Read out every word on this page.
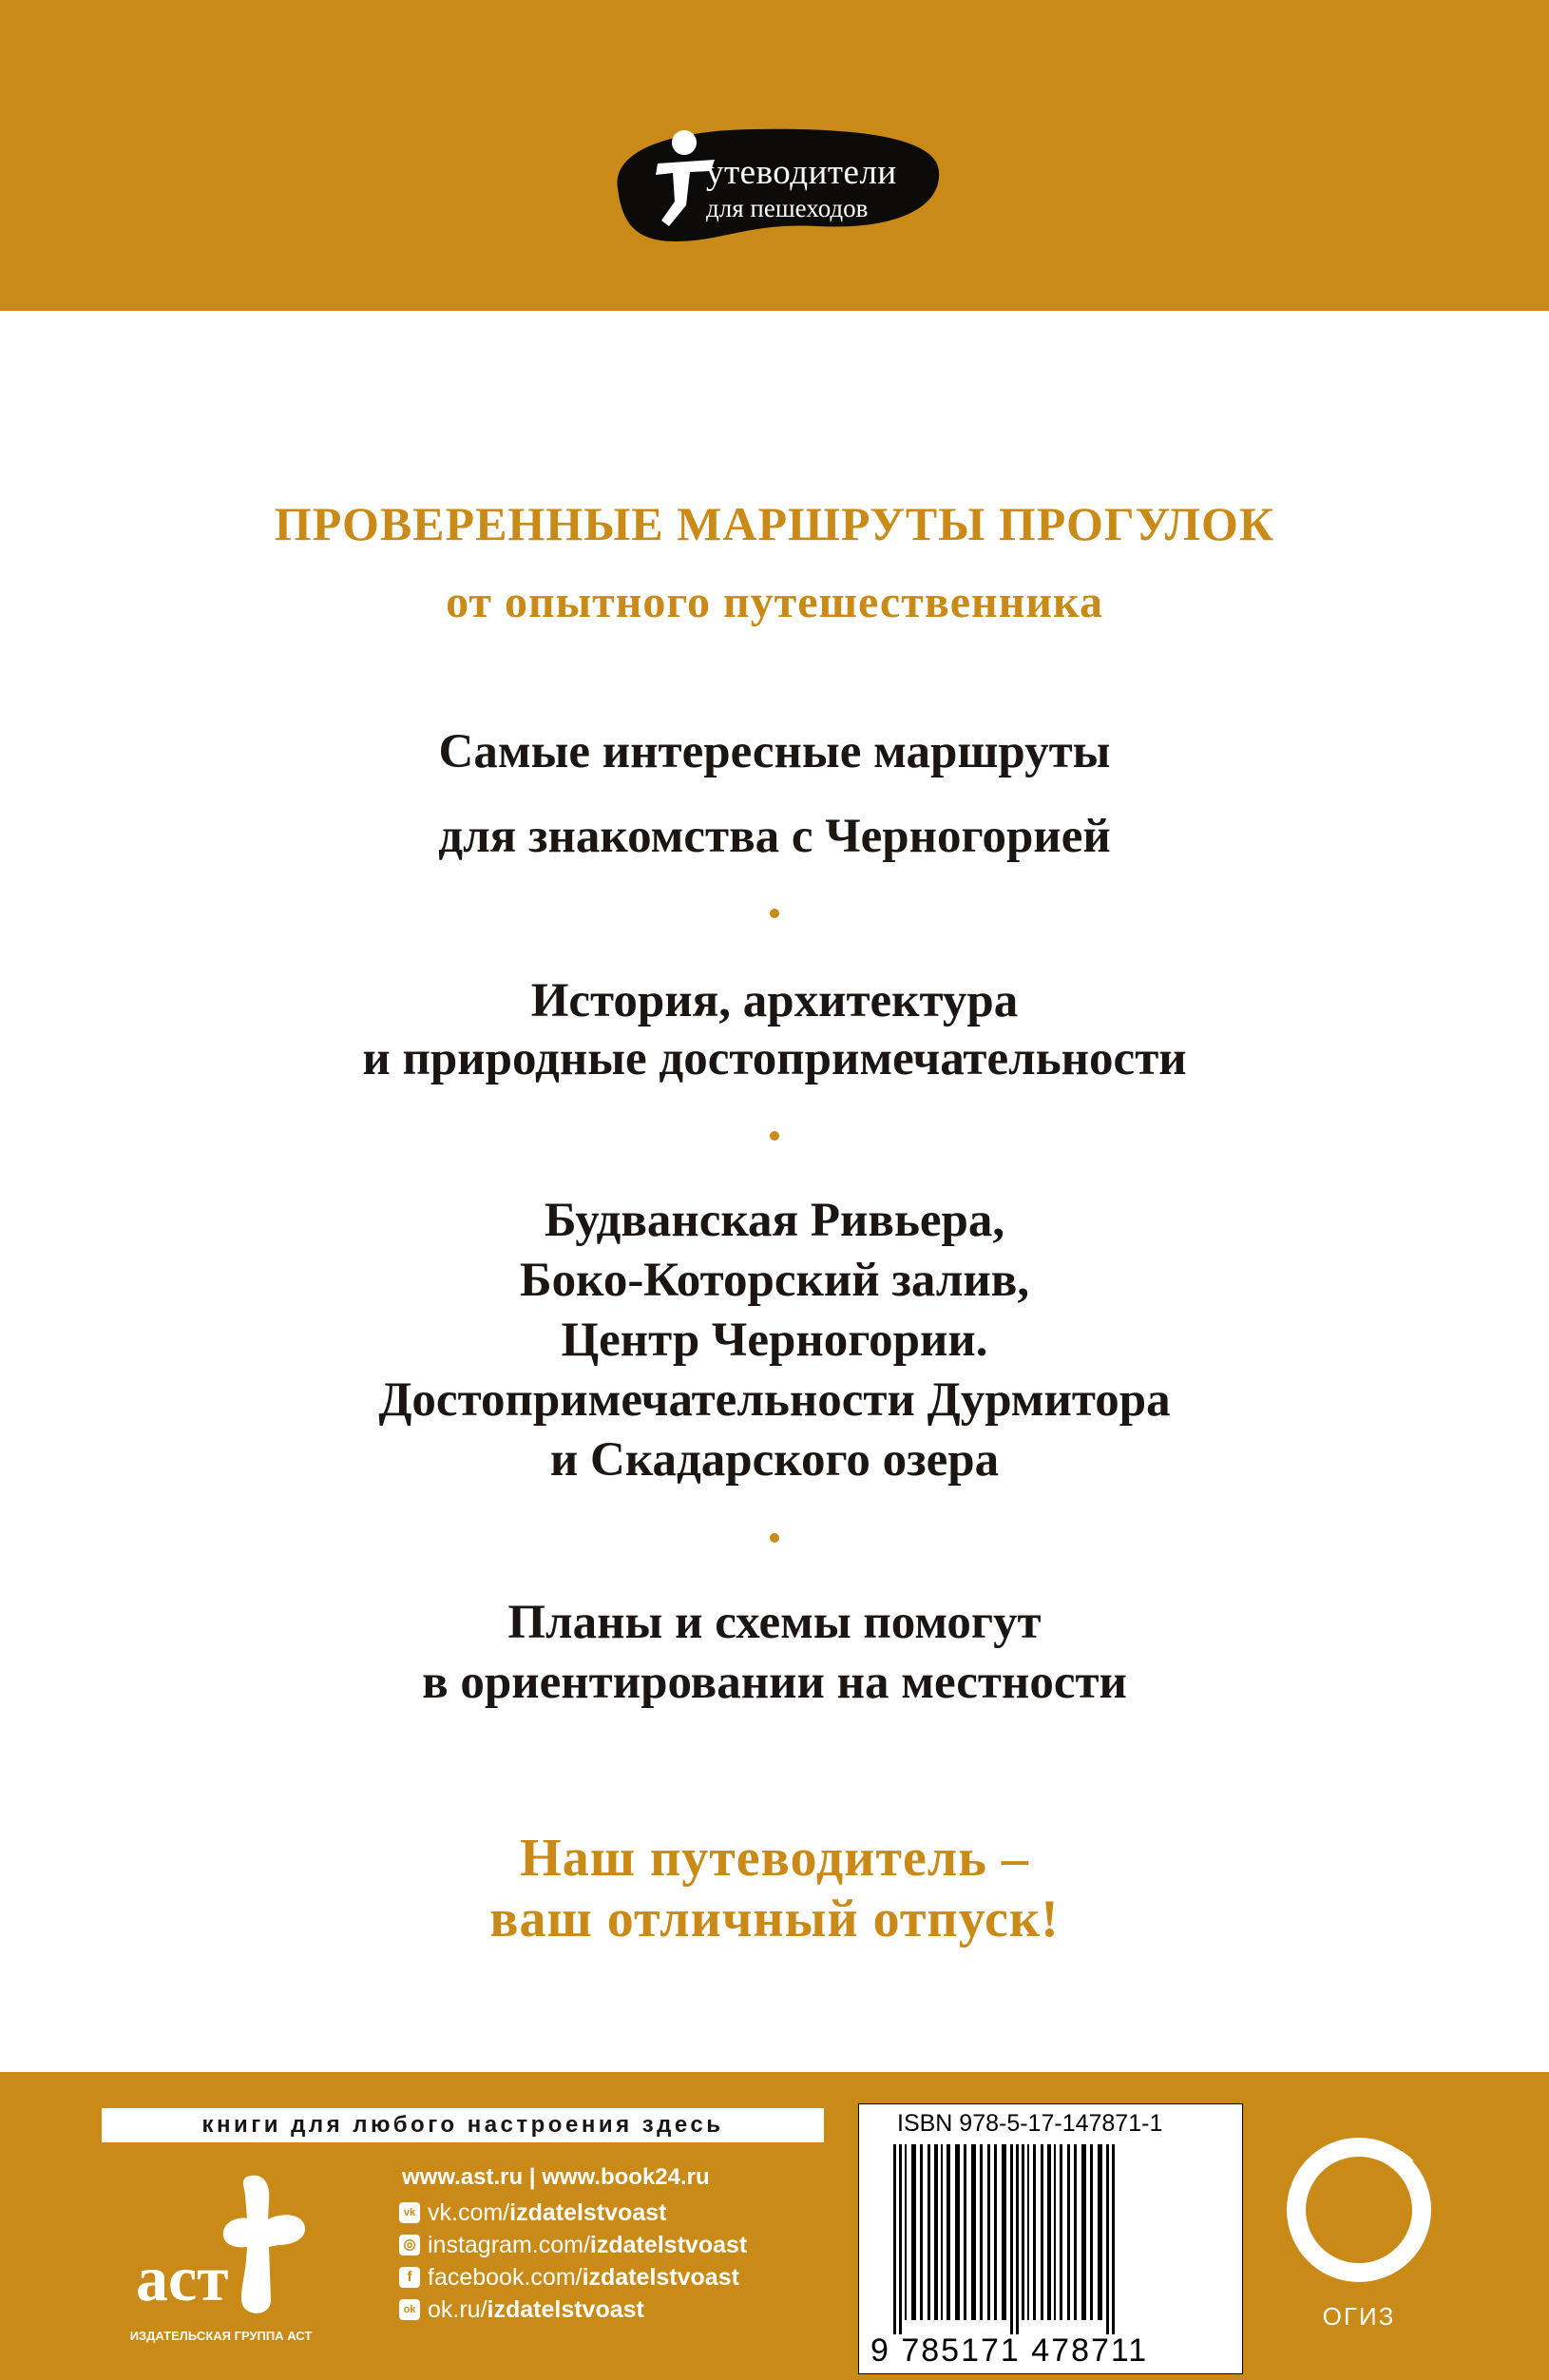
утеводители
для пешеходов
ПРОВЕРЕННЫЕ МАРШРУТЫ ПРОГУЛОК
от опытного путешественника
Самые интересные маршруты
для знакомства с Черногорией
История, архитектура
и природные достопримечательности
Будванская Ривьера,
Боко-Которский залив,
Центр Черногории.
Достопримечательности Дурмитора
и Скадарского озера
Планы и схемы помогут
в ориентировании на местности
Наш путеводитель –
ваш отличный отпуск!
книги для любого настроения здесь
аст
ИЗДАТЕЛЬСКАЯ ГРУППА АСТ
www.ast.ru | www.book24.ru
vk vk.com/izdatelstvoast
◎ instagram.com/izdatelstvoast
f facebook.com/izdatelstvoast
ok ok.ru/izdatelstvoast
ISBN 978-5-17-147871-1
9 785171 478711
ОГИЗ
